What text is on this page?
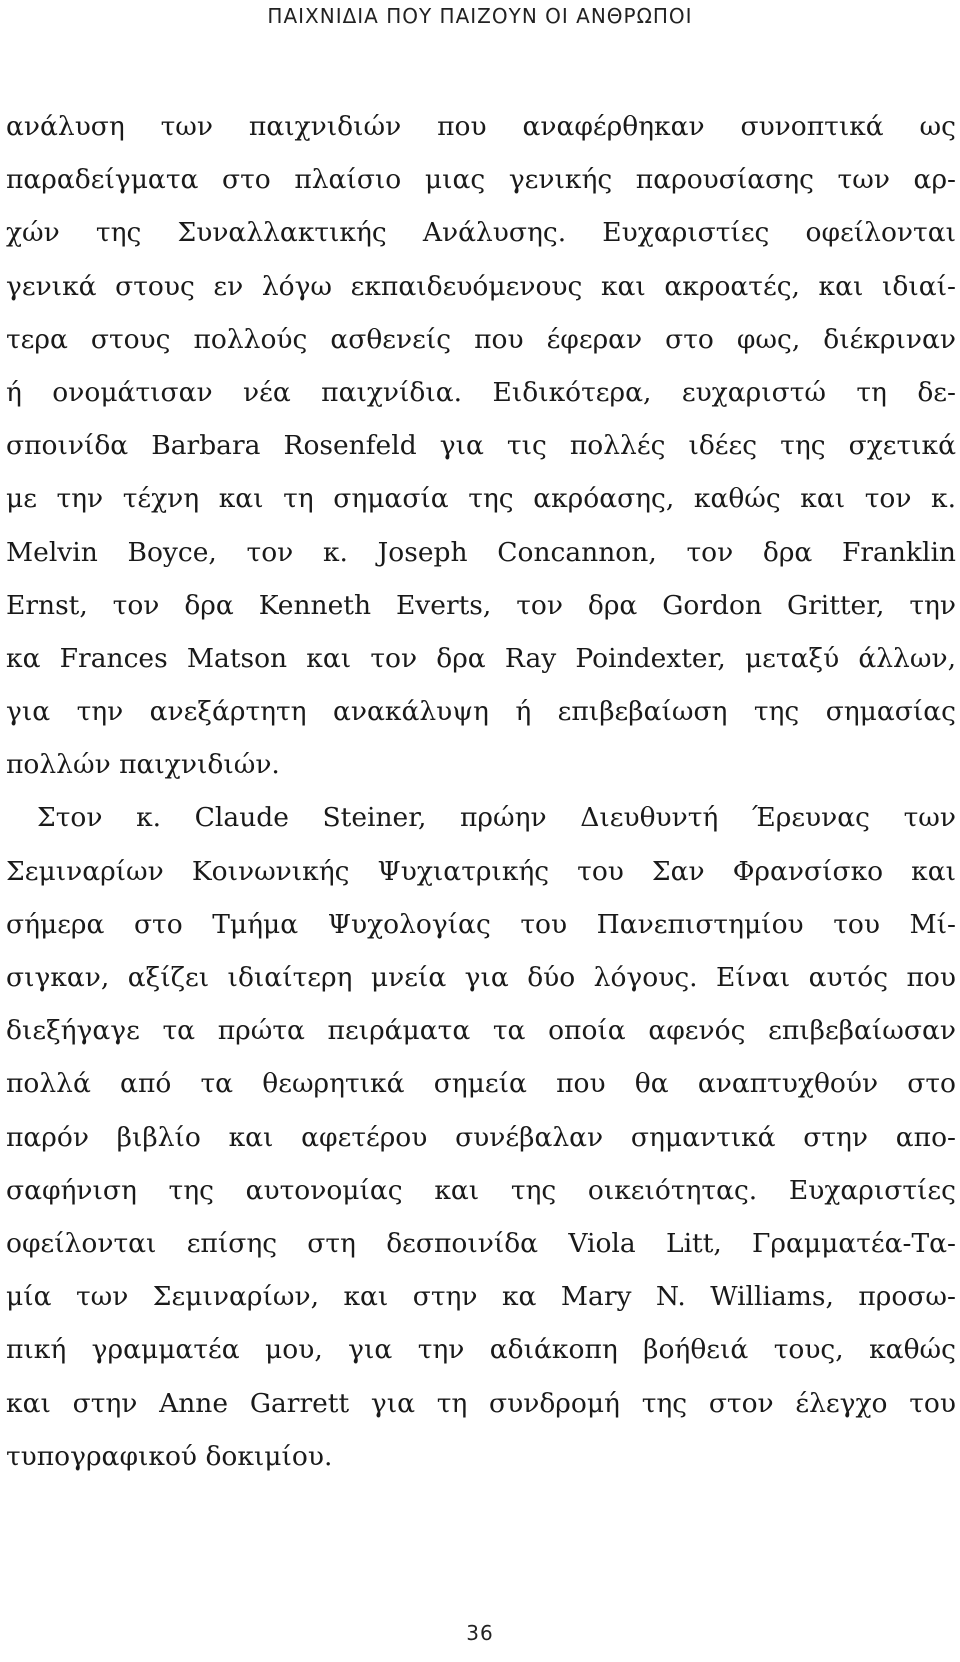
ΠΑΙΧΝΙΔΙΑ ΠΟΥ ΠΑΙΖΟΥΝ ΟΙ ΑΝΘΡΩΠΟΙ
ανάλυση των παιχνιδιών που αναφέρθηκαν συνοπτικά ως
παραδείγματα στο πλαίσιο μιας γενικής παρουσίασης των αρ-
χών της Συναλλακτικής Ανάλυσης. Ευχαριστίες οφείλονται
γενικά στους εν λόγω εκπαιδευόμενους και ακροατές, και ιδιαί-
τερα στους πολλούς ασθενείς που έφεραν στο φως, διέκριναν
ή ονομάτισαν νέα παιχνίδια. Ειδικότερα, ευχαριστώ τη δε-
σποινίδα Barbara Rosenfeld για τις πολλές ιδέες της σχετικά
με την τέχνη και τη σημασία της ακρόασης, καθώς και τον κ.
Melvin Boyce, τον κ. Joseph Concannon, τον δρα Franklin
Ernst, τον δρα Kenneth Everts, τον δρα Gordon Gritter, την
κα Frances Matson και τον δρα Ray Poindexter, μεταξύ άλλων,
για την ανεξάρτητη ανακάλυψη ή επιβεβαίωση της σημασίας
πολλών παιχνιδιών.
Στον κ. Claude Steiner, πρώην Διευθυντή Έρευνας των
Σεμιναρίων Κοινωνικής Ψυχιατρικής του Σαν Φρανσίσκο και
σήμερα στο Τμήμα Ψυχολογίας του Πανεπιστημίου του Μί-
σιγκαν, αξίζει ιδιαίτερη μνεία για δύο λόγους. Είναι αυτός που
διεξήγαγε τα πρώτα πειράματα τα οποία αφενός επιβεβαίωσαν
πολλά από τα θεωρητικά σημεία που θα αναπτυχθούν στο
παρόν βιβλίο και αφετέρου συνέβαλαν σημαντικά στην απο-
σαφήνιση της αυτονομίας και της οικειότητας. Ευχαριστίες
οφείλονται επίσης στη δεσποινίδα Viola Litt, Γραμματέα-Τα-
μία των Σεμιναρίων, και στην κα Mary N. Williams, προσω-
πική γραμματέα μου, για την αδιάκοπη βοήθειά τους, καθώς
και στην Anne Garrett για τη συνδρομή της στον έλεγχο του
τυπογραφικού δοκιμίου.
36
